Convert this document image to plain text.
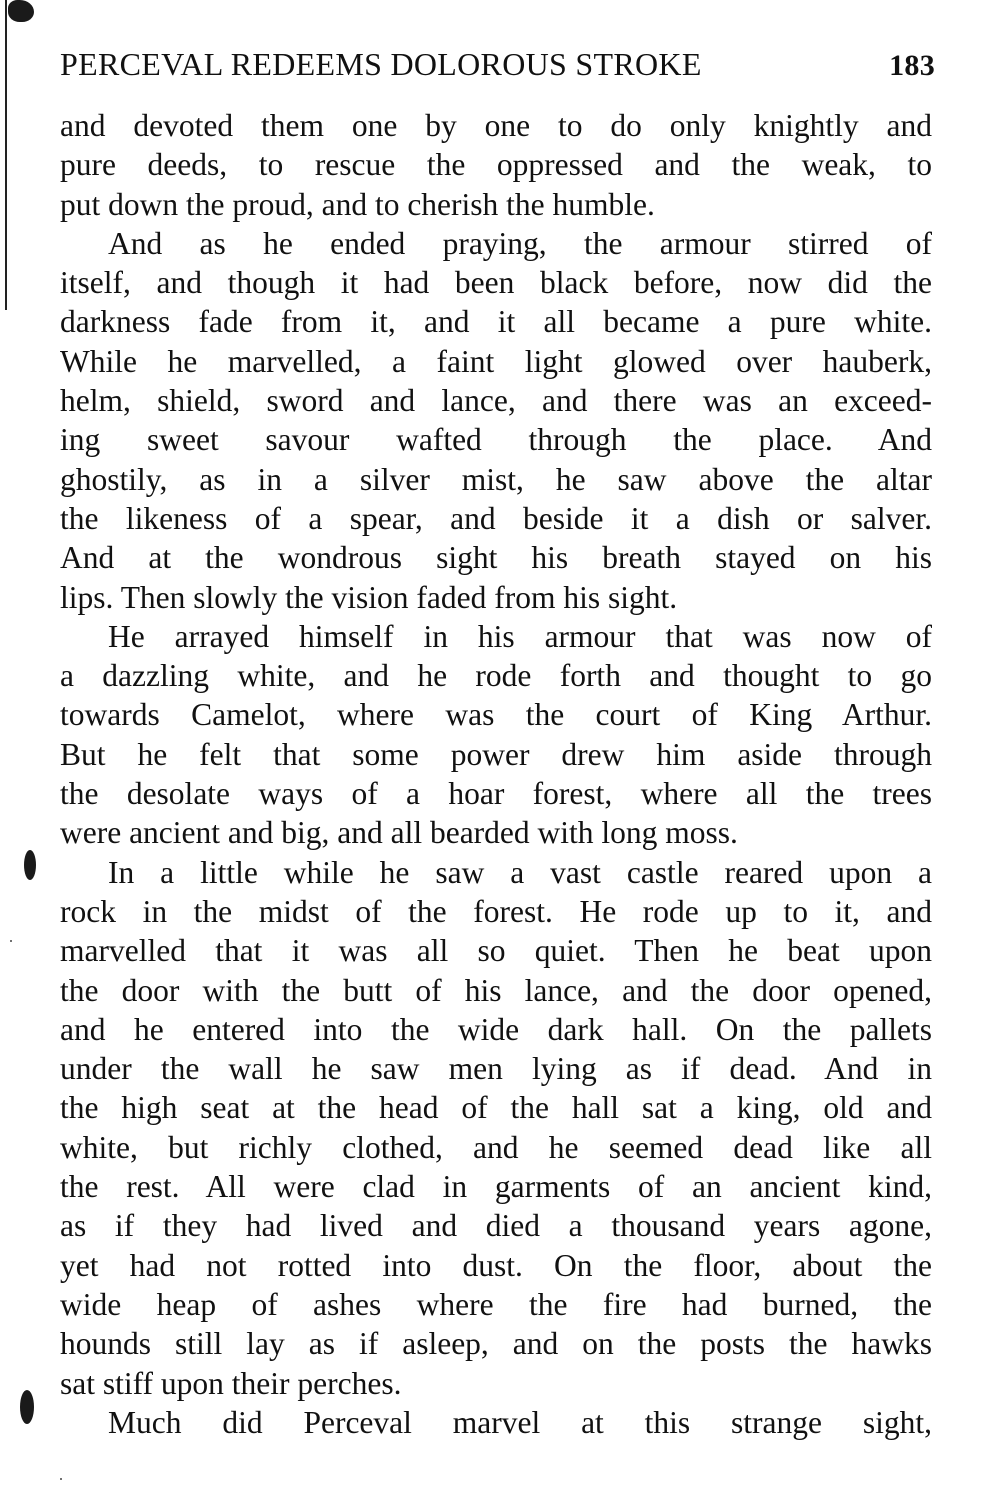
PERCEVAL REDEEMS DOLOROUS STROKE	183
and devoted them one by one to do only knightly and
pure deeds, to rescue the oppressed and the weak, to
put down the proud, and to cherish the humble.
And as he ended praying, the armour stirred of
itself, and though it had been black before, now did the
darkness fade from it, and it all became a pure white.
While he marvelled, a faint light glowed over hauberk,
helm, shield, sword and lance, and there was an exceed-
ing sweet savour wafted through the place. And
ghostily, as in a silver mist, he saw above the altar
the likeness of a spear, and beside it a dish or salver.
And at the wondrous sight his breath stayed on his
lips. Then slowly the vision faded from his sight.
He arrayed himself in his armour that was now of
a dazzling white, and he rode forth and thought to go
towards Camelot, where was the court of King Arthur.
But he felt that some power drew him aside through
the desolate ways of a hoar forest, where all the trees
were ancient and big, and all bearded with long moss.
In a little while he saw a vast castle reared upon a
rock in the midst of the forest. He rode up to it, and
marvelled that it was all so quiet. Then he beat upon
the door with the butt of his lance, and the door opened,
and he entered into the wide dark hall. On the pallets
under the wall he saw men lying as if dead. And in
the high seat at the head of the hall sat a king, old and
white, but richly clothed, and he seemed dead like all
the rest. All were clad in garments of an ancient kind,
as if they had lived and died a thousand years agone,
yet had not rotted into dust. On the floor, about the
wide heap of ashes where the fire had burned, the
hounds still lay as if asleep, and on the posts the hawks
sat stiff upon their perches.
Much did Perceval marvel at this strange sight,
